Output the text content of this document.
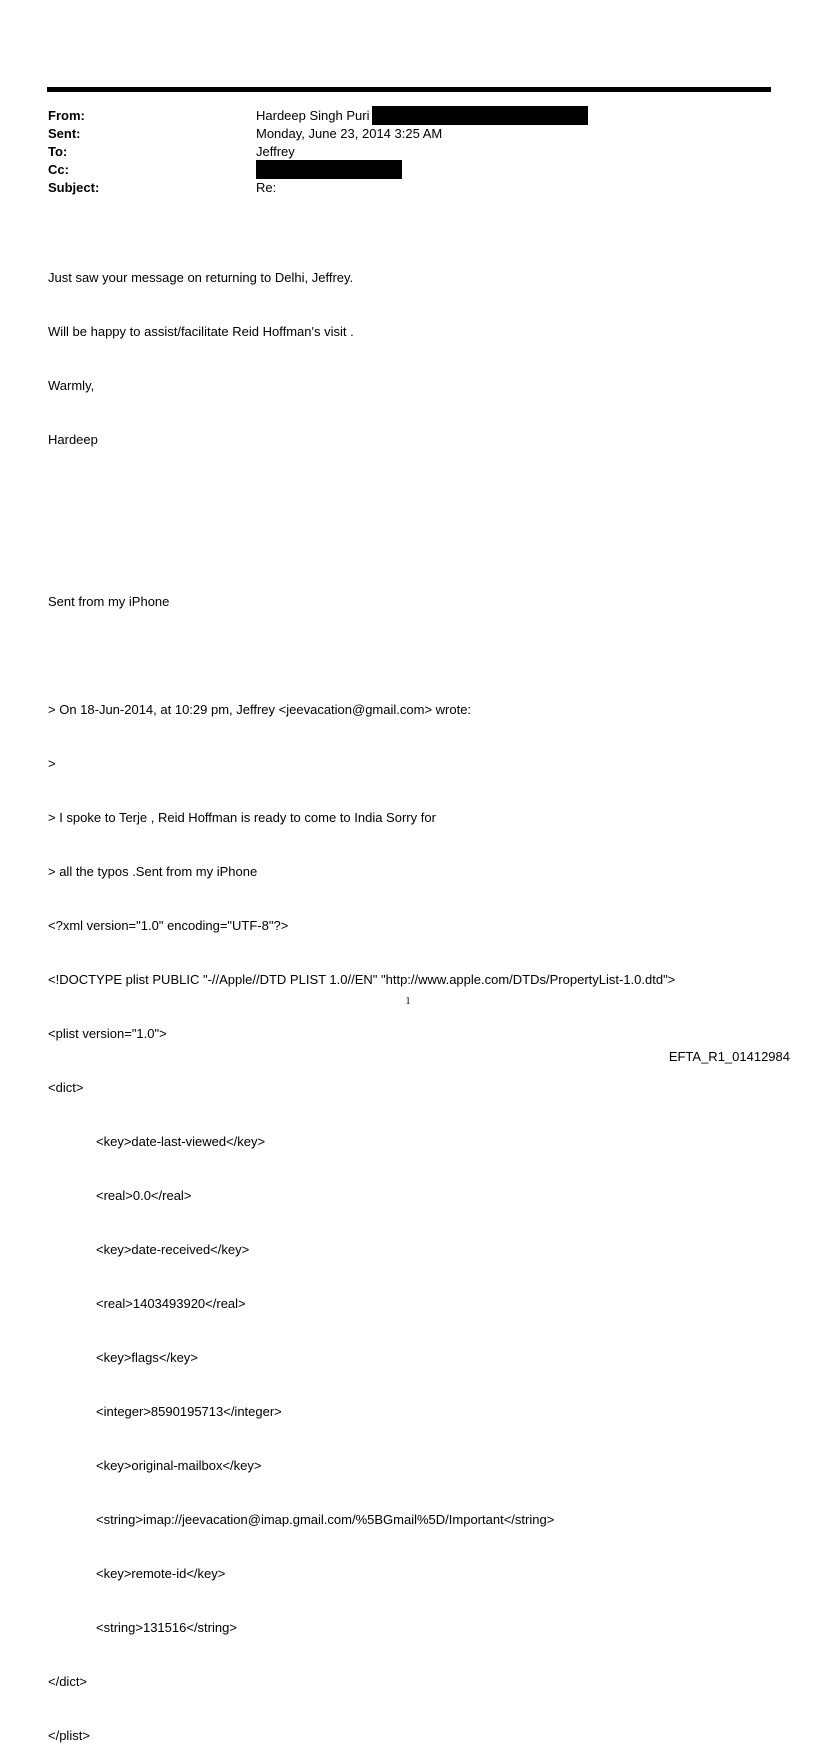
From:	Hardeep Singh Puri
Sent:	Monday, June 23, 2014 3:25 AM
To:	Jeffrey
Cc:
Subject:	Re:

Just saw your message on returning to Delhi, Jeffrey.

Will be happy to assist/facilitate Reid Hoffman's visit .

Warmly,

Hardeep

Sent from my iPhone

> On 18-Jun-2014, at 10:29 pm, Jeffrey <jeevacation@gmail.com> wrote:

>

> I spoke to Terje , Reid Hoffman is ready to come to India Sorry for

> all the typos .Sent from my iPhone

<?xml version="1.0" encoding="UTF-8"?>

<!DOCTYPE plist PUBLIC "-//Apple//DTD PLIST 1.0//EN" "http://www.apple.com/DTDs/PropertyList-1.0.dtd">

<plist version="1.0">

<dict>

<key>date-last-viewed</key>

<real>0.0</real>

<key>date-received</key>

<real>1403493920</real>

<key>flags</key>

<integer>8590195713</integer>

<key>original-mailbox</key>

<string>imap://jeevacation@imap.gmail.com/%5BGmail%5D/Important</string>

<key>remote-id</key>

<string>131516</string>

</dict>

</plist>

1
EFTA_R1_01412984
